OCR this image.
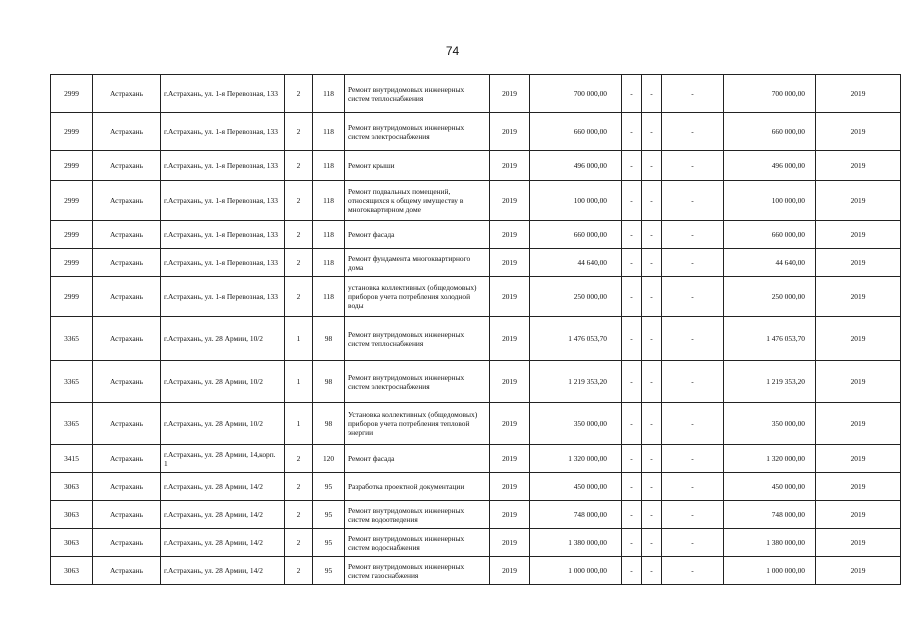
74
2999	Астрахань	г.Астрахань, ул. 1-я Перевозная, 133	2	118	Ремонт внутридомовых инженерных систем теплоснабжения	2019	700 000,00	-	-	-	700 000,00	2019
2999	Астрахань	г.Астрахань, ул. 1-я Перевозная, 133	2	118	Ремонт внутридомовых инженерных систем электроснабжения	2019	660 000,00	-	-	-	660 000,00	2019
2999	Астрахань	г.Астрахань, ул. 1-я Перевозная, 133	2	118	Ремонт крыши	2019	496 000,00	-	-	-	496 000,00	2019
2999	Астрахань	г.Астрахань, ул. 1-я Перевозная, 133	2	118	Ремонт подвальных помещений, относящихся к общему имуществу в многоквартирном доме	2019	100 000,00	-	-	-	100 000,00	2019
2999	Астрахань	г.Астрахань, ул. 1-я Перевозная, 133	2	118	Ремонт фасада	2019	660 000,00	-	-	-	660 000,00	2019
2999	Астрахань	г.Астрахань, ул. 1-я Перевозная, 133	2	118	Ремонт фундамента многоквартирного дома	2019	44 640,00	-	-	-	44 640,00	2019
2999	Астрахань	г.Астрахань, ул. 1-я Перевозная, 133	2	118	установка коллективных (общедомовых) приборов учета потребления холодной воды	2019	250 000,00	-	-	-	250 000,00	2019
3365	Астрахань	г.Астрахань, ул. 28 Армии, 10/2	1	98	Ремонт внутридомовых инженерных систем теплоснабжения	2019	1 476 053,70	-	-	-	1 476 053,70	2019
3365	Астрахань	г.Астрахань, ул. 28 Армии, 10/2	1	98	Ремонт внутридомовых инженерных систем электроснабжения	2019	1 219 353,20	-	-	-	1 219 353,20	2019
3365	Астрахань	г.Астрахань, ул. 28 Армии, 10/2	1	98	Установка коллективных (общедомовых) приборов учета потребления тепловой энергии	2019	350 000,00	-	-	-	350 000,00	2019
3415	Астрахань	г.Астрахань, ул. 28 Армии, 14,корп. 1	2	120	Ремонт фасада	2019	1 320 000,00	-	-	-	1 320 000,00	2019
3063	Астрахань	г.Астрахань, ул. 28 Армии, 14/2	2	95	Разработка проектной документации	2019	450 000,00	-	-	-	450 000,00	2019
3063	Астрахань	г.Астрахань, ул. 28 Армии, 14/2	2	95	Ремонт внутридомовых инженерных систем водоотведения	2019	748 000,00	-	-	-	748 000,00	2019
3063	Астрахань	г.Астрахань, ул. 28 Армии, 14/2	2	95	Ремонт внутридомовых инженерных систем водоснабжения	2019	1 380 000,00	-	-	-	1 380 000,00	2019
3063	Астрахань	г.Астрахань, ул. 28 Армии, 14/2	2	95	Ремонт внутридомовых инженерных систем газоснабжения	2019	1 000 000,00	-	-	-	1 000 000,00	2019
